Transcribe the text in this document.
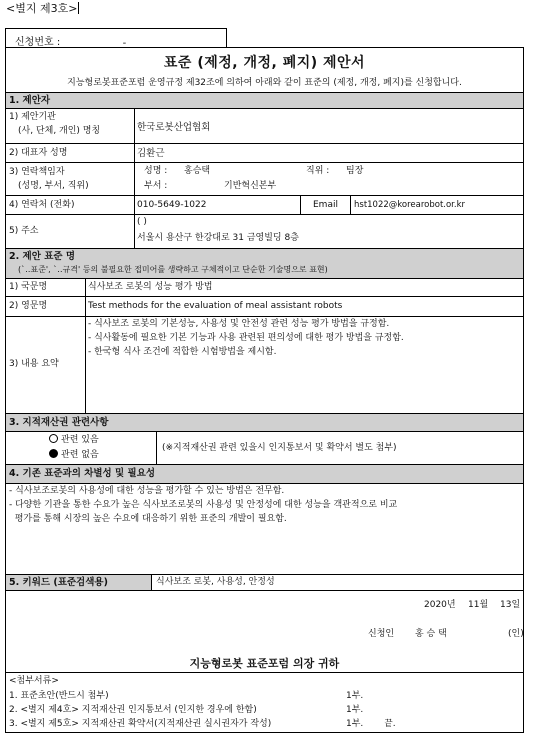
<별지 제3호>
신청번호 :	-
표준 (제정, 개정, 폐지) 제안서
지능형로봇표준포럼 운영규정 제32조에 의하여 아래와 같이 표준의 (제정, 개정, 폐지)를 신청합니다.
1. 제안자
1) 제안기관
(사, 단체, 개인) 명칭	한국로봇산업협회
2) 대표자 성명	김환근
3) 연락책임자
(성명, 부서, 직위)
성명 : 홍승택	직위 : 팀장
부서 :	기반혁신본부
4) 연락처 (전화)	010-5649-1022	Email hst1022@korearobot.or.kr
5) 주소
( )
서울시 용산구 한강대로 31 금영빌딩 8층
2. 제안 표준 명
(`‥표준', `‥규격' 등의 불필요한 접미어를 생략하고 구체적이고 단순한 기술명으로 표현)
1) 국문명	식사보조 로봇의 성능 평가 방법
2) 영문명	Test methods for the evaluation of meal assistant robots
3) 내용 요약
- 식사보조 로봇의 기본성능, 사용성 및 안전성 관련 성능 평가 방법을 규정함.
- 식사활동에 필요한 기본 기능과 사용 관련된 편의성에 대한 평가 방법을 규정함.
- 한국형 식사 조건에 적합한 시험방법을 제시함.
3. 지적재산권 관련사항
관련 있음
관련 없음
(※지적재산권 관련 있을시 인지통보서 및 확약서 별도 첨부)
4. 기존 표준과의 차별성 및 필요성
- 식사보조로봇의 사용성에 대한 성능을 평가할 수 있는 방법은 전무함.
- 다양한 기관을 통한 수요가 높은 식사보조로봇의 사용성 및 안정성에 대한 성능을 객관적으로 비교
평가를 통해 시장의 높은 수요에 대응하기 위한 표준의 개발이 필요함.
5. 키워드 (표준검색용)	식사보조 로봇, 사용성, 안정성
2020년 11월 13일
신청인 홍 승 택	(인)
지능형로봇 표준포럼 의장 귀하
<첨부서류>
1. 표준초안(반드시 첨부)	1부.
2. <별지 제4호> 지적재산권 인지통보서 (인지한 경우에 한함)	1부.
3. <별지 제5호> 지적재산권 확약서(지적재산권 실시권자가 작성)	1부. 끝.
